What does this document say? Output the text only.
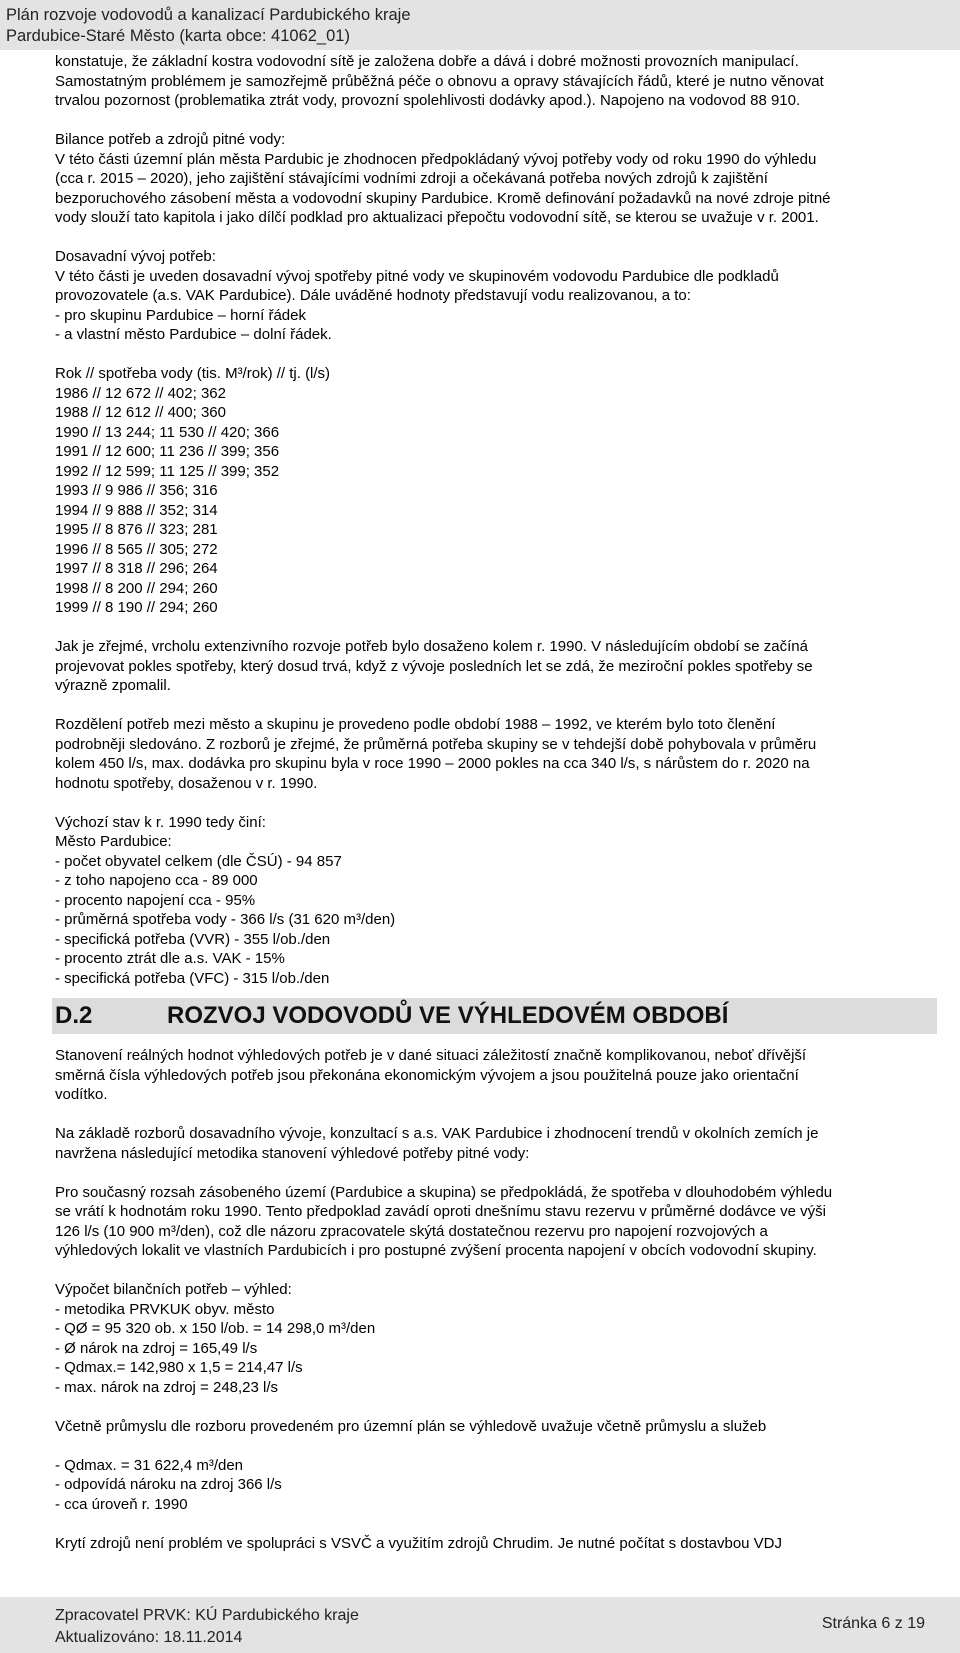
Plán rozvoje vodovodů a kanalizací Pardubického kraje
Pardubice-Staré Město (karta obce: 41062_01)
konstatuje, že základní kostra vodovodní sítě je založena dobře a dává i dobré možnosti provozních manipulací.
Samostatným problémem je samozřejmě průběžná péče o obnovu a opravy stávajících řádů, které je nutno věnovat
trvalou pozornost (problematika ztrát vody, provozní spolehlivosti dodávky apod.). Napojeno na vodovod 88 910.
Bilance potřeb a zdrojů pitné vody:
V této části územní plán města Pardubic je zhodnocen předpokládaný vývoj potřeby vody od roku 1990 do výhledu
(cca r. 2015 – 2020), jeho zajištění stávajícími vodními zdroji a očekávaná potřeba nových zdrojů k zajištění
bezporuchového zásobení města a vodovodní skupiny Pardubice. Kromě definování požadavků na nové zdroje pitné
vody slouží tato kapitola i jako dílčí podklad pro aktualizaci přepočtu vodovodní sítě, se kterou se uvažuje v r. 2001.
Dosavadní vývoj potřeb:
V této části je uveden dosavadní vývoj spotřeby pitné vody ve skupinovém vodovodu Pardubice dle podkladů
provozovatele (a.s. VAK Pardubice). Dále uváděné hodnoty představují vodu realizovanou, a to:
- pro skupinu Pardubice – horní řádek
- a vlastní město Pardubice – dolní řádek.
Rok // spotřeba vody (tis. M³/rok) // tj. (l/s)
1986 // 12 672 // 402; 362
1988 // 12 612 // 400; 360
1990 // 13 244; 11 530 // 420; 366
1991 // 12 600; 11 236 // 399; 356
1992 // 12 599; 11 125 // 399; 352
1993 // 9 986 // 356; 316
1994 // 9 888 // 352; 314
1995 // 8 876 // 323; 281
1996 // 8 565 // 305; 272
1997 // 8 318 // 296; 264
1998 // 8 200 // 294; 260
1999 // 8 190 // 294; 260
Jak je zřejmé, vrcholu extenzivního rozvoje potřeb bylo dosaženo kolem r. 1990. V následujícím období se začíná
projevovat pokles spotřeby, který dosud trvá, když z vývoje posledních let se zdá, že meziroční pokles spotřeby se
výrazně zpomalil.
Rozdělení potřeb mezi město a skupinu je provedeno podle období 1988 – 1992, ve kterém bylo toto členění
podrobněji sledováno. Z rozborů je zřejmé, že průměrná potřeba skupiny se v tehdejší době pohybovala v průměru
kolem 450 l/s, max. dodávka pro skupinu byla v roce 1990 – 2000 pokles na cca 340 l/s, s nárůstem do r. 2020 na
hodnotu spotřeby, dosaženou v r. 1990.
Výchozí stav k r. 1990 tedy činí:
Město Pardubice:
- počet obyvatel celkem (dle ČSÚ) - 94 857
- z toho napojeno cca - 89 000
- procento napojení cca - 95%
- průměrná spotřeba vody - 366 l/s (31 620 m³/den)
- specifická potřeba (VVR) - 355 l/ob./den
- procento ztrát dle a.s. VAK - 15%
- specifická potřeba (VFC) - 315 l/ob./den
D.2	ROZVOJ VODOVODŮ VE VÝHLEDOVÉM OBDOBÍ
Stanovení reálných hodnot výhledových potřeb je v dané situaci záležitostí značně komplikovanou, neboť dřívější
směrná čísla výhledových potřeb jsou překonána ekonomickým vývojem a jsou použitelná pouze jako orientační
vodítko.
Na základě rozborů dosavadního vývoje, konzultací s a.s. VAK Pardubice i zhodnocení trendů v okolních zemích je
navržena následující metodika stanovení výhledové potřeby pitné vody:
Pro současný rozsah zásobeného území (Pardubice a skupina) se předpokládá, že spotřeba v dlouhodobém výhledu
se vrátí k hodnotám roku 1990. Tento předpoklad zavádí oproti dnešnímu stavu rezervu v průměrné dodávce ve výši
126 l/s (10 900 m³/den), což dle názoru zpracovatele skýtá dostatečnou rezervu pro napojení rozvojových a
výhledových lokalit ve vlastních Pardubicích i pro postupné zvýšení procenta napojení v obcích vodovodní skupiny.
Výpočet bilančních potřeb – výhled:
- metodika PRVKUK obyv. město
- QØ = 95 320 ob. x 150 l/ob. = 14 298,0 m³/den
- Ø nárok na zdroj = 165,49 l/s
- Qdmax.= 142,980 x 1,5 = 214,47 l/s
- max. nárok na zdroj = 248,23 l/s
Včetně průmyslu dle rozboru provedeném pro územní plán se výhledově uvažuje včetně průmyslu a služeb
- Qdmax. = 31 622,4 m³/den
- odpovídá nároku na zdroj 366 l/s
- cca úroveň r. 1990
Krytí zdrojů není problém ve spolupráci s VSVČ a využitím zdrojů Chrudim. Je nutné počítat s dostavbou VDJ
Zpracovatel PRVK: KÚ Pardubického kraje
Aktualizováno: 18.11.2014
Stránka 6 z 19
